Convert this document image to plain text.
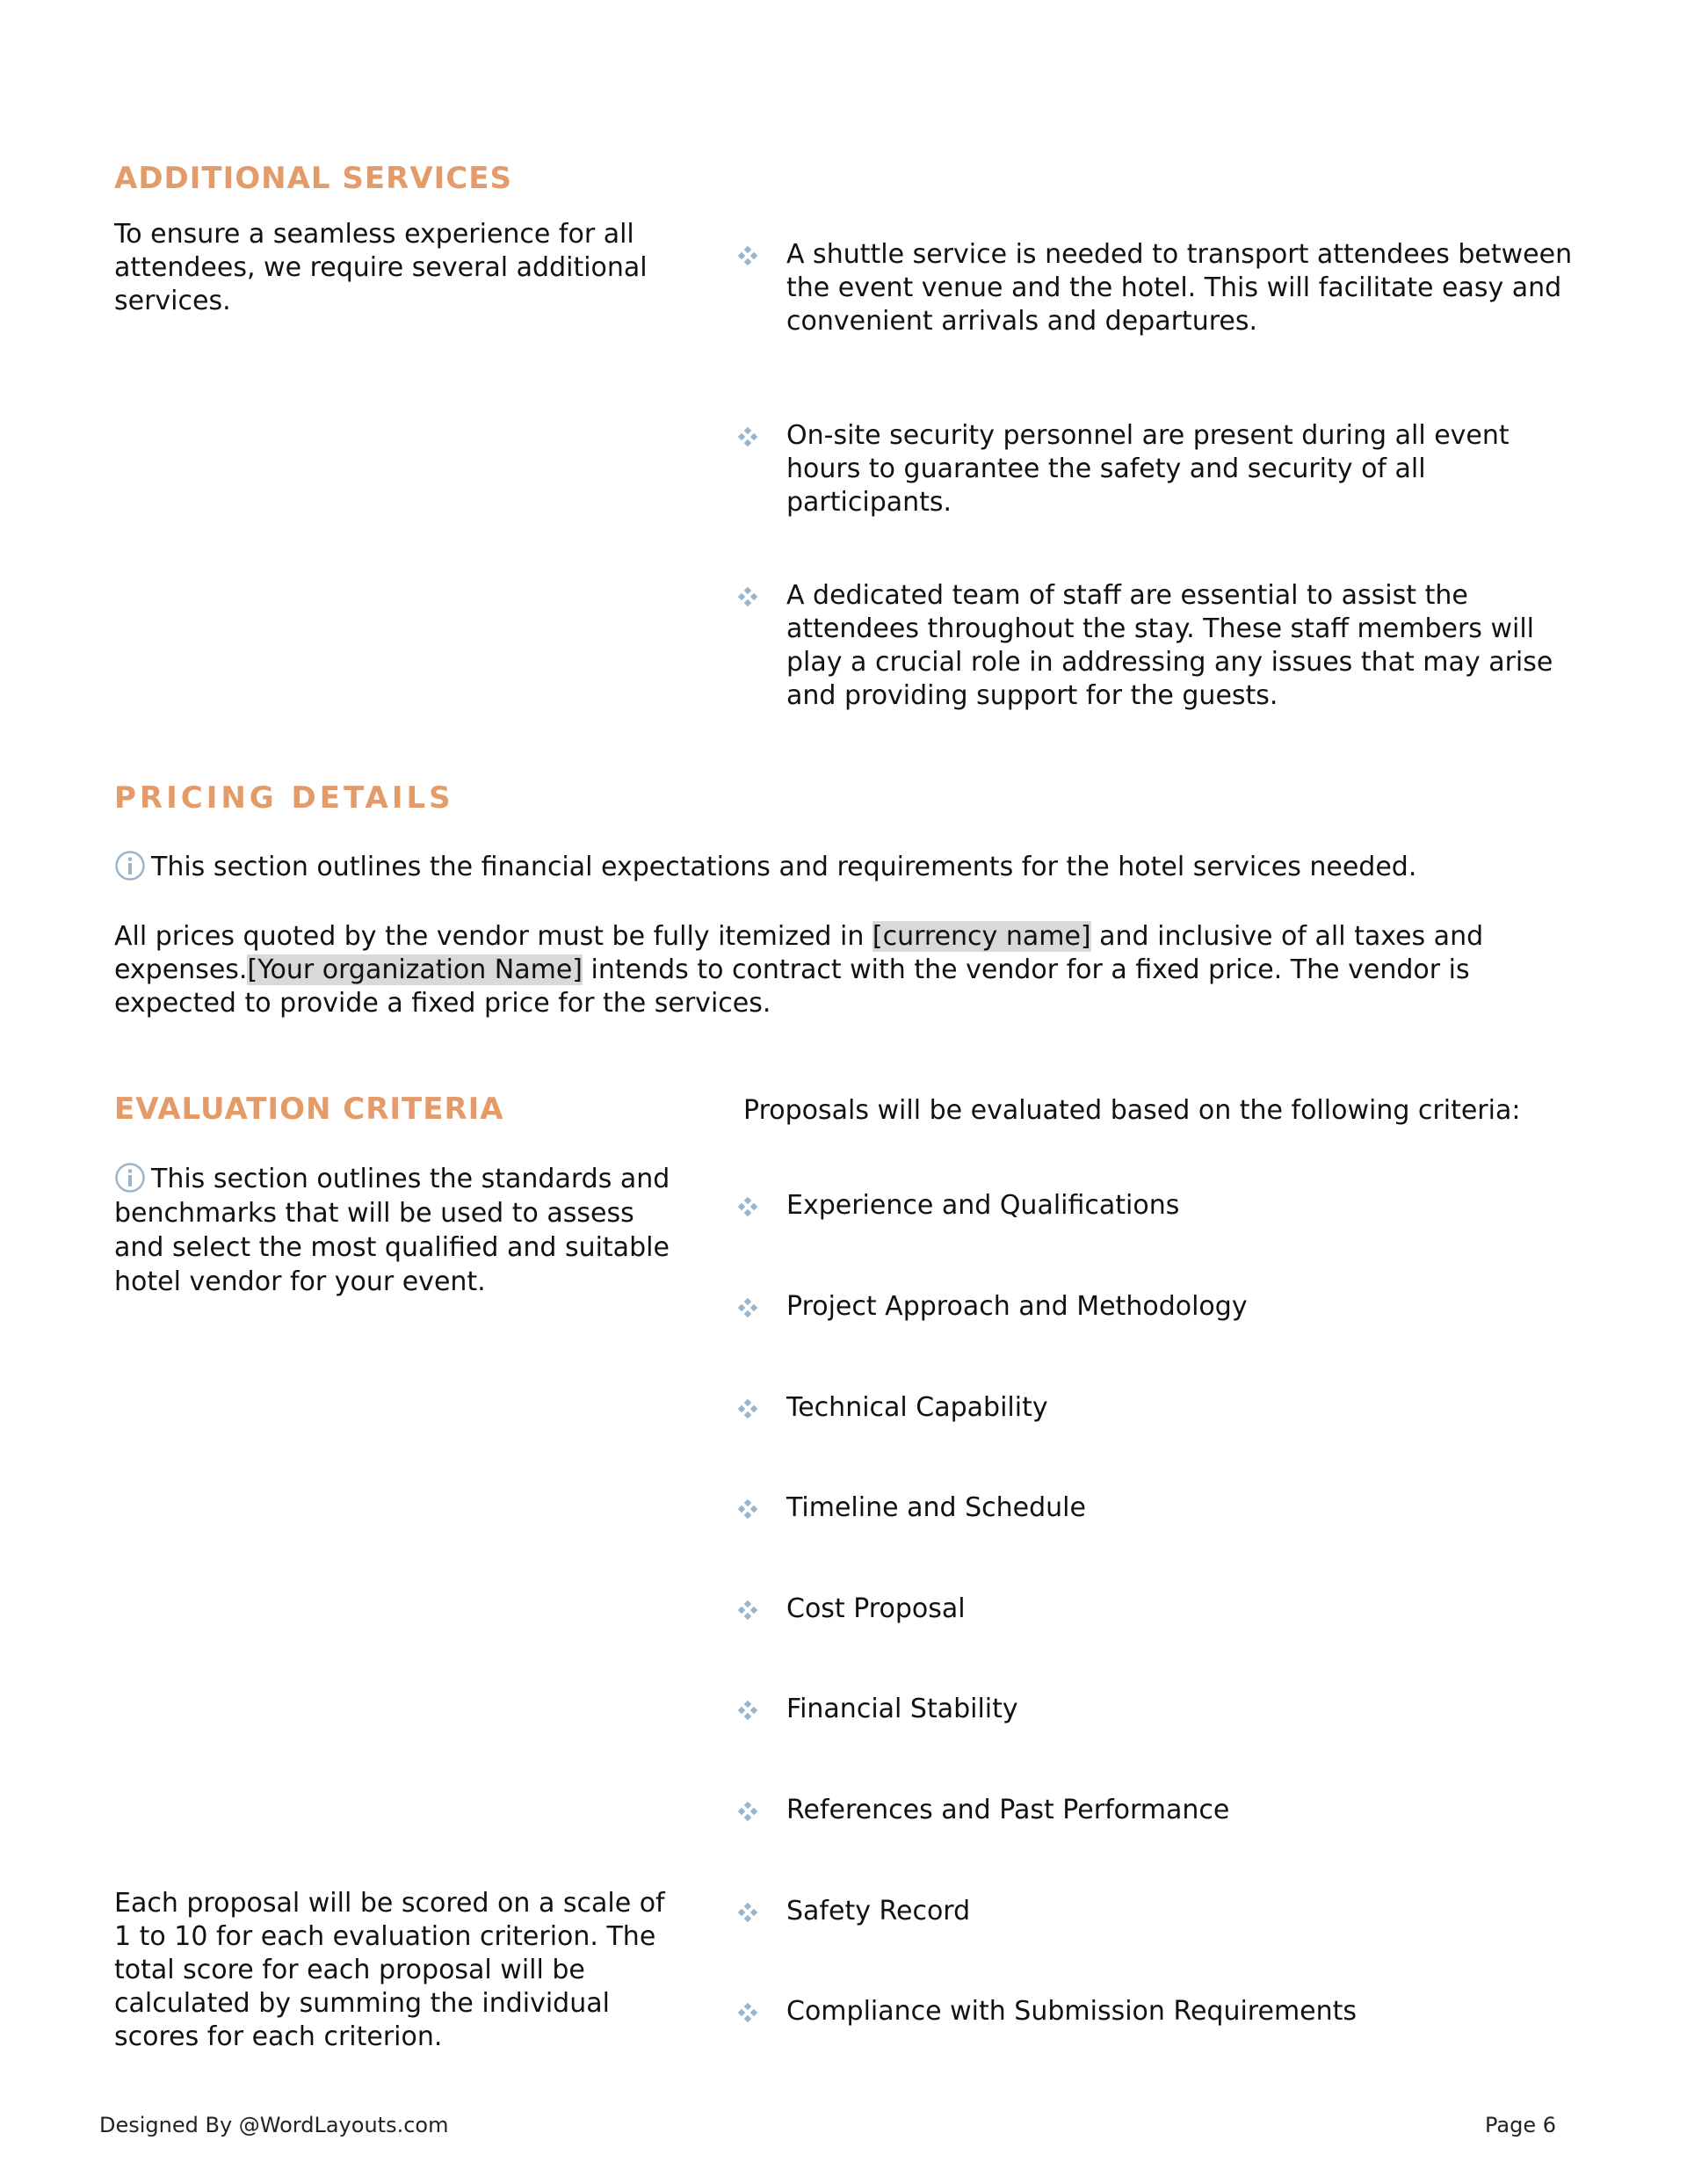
ADDITIONAL SERVICES

To ensure a seamless experience for all attendees, we require several additional services.

A shuttle service is needed to transport attendees between the event venue and the hotel. This will facilitate easy and convenient arrivals and departures.

On-site security personnel are present during all event hours to guarantee the safety and security of all participants.

A dedicated team of staff are essential to assist the attendees throughout the stay. These staff members will play a crucial role in addressing any issues that may arise and providing support for the guests.

PRICING DETAILS

This section outlines the financial expectations and requirements for the hotel services needed.

All prices quoted by the vendor must be fully itemized in [currency name] and inclusive of all taxes and expenses.[Your organization Name] intends to contract with the vendor for a fixed price. The vendor is expected to provide a fixed price for the services.

EVALUATION CRITERIA	Proposals will be evaluated based on the following criteria:

This section outlines the standards and benchmarks that will be used to assess and select the most qualified and suitable hotel vendor for your event.

Experience and Qualifications

Project Approach and Methodology

Technical Capability

Timeline and Schedule

Cost Proposal

Financial Stability

References and Past Performance

Safety Record

Compliance with Submission Requirements

Each proposal will be scored on a scale of 1 to 10 for each evaluation criterion. The total score for each proposal will be calculated by summing the individual scores for each criterion.

Designed By @WordLayouts.com	Page 6
